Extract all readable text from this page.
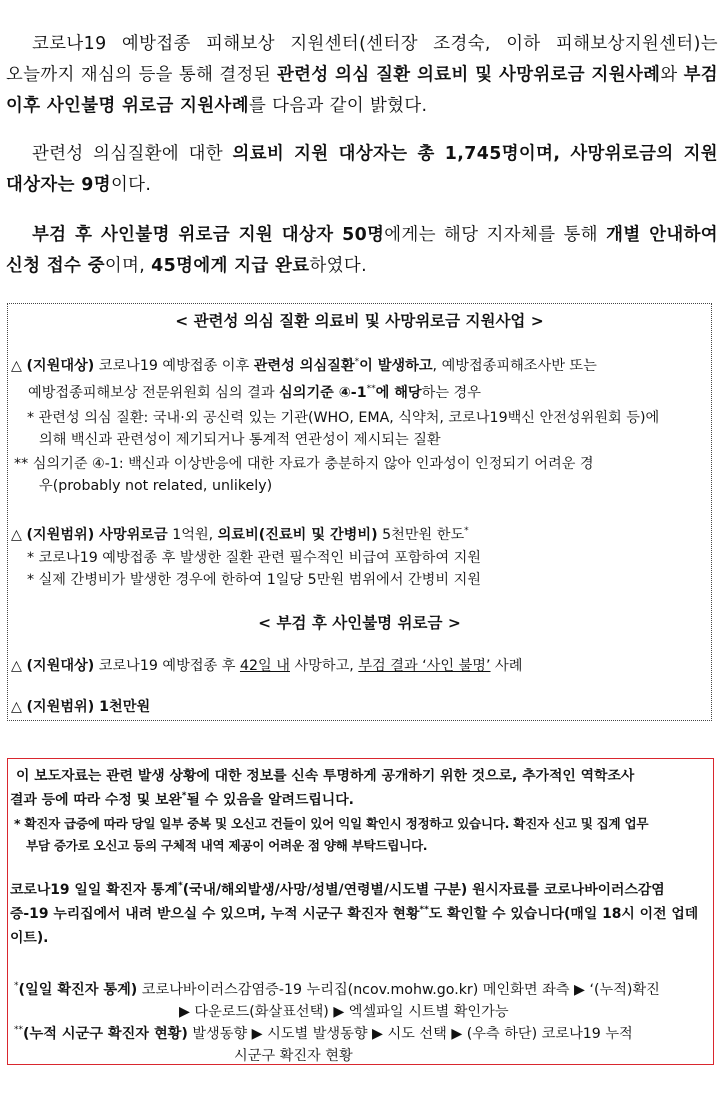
코로나19 예방접종 피해보상 지원센터(센터장 조경숙, 이하 피해보상지원센터)는 오늘까지 재심의 등을 통해 결정된 관련성 의심 질환 의료비 및 사망위로금 지원사례와 부검 이후 사인불명 위로금 지원사례를 다음과 같이 밝혔다.
관련성 의심질환에 대한 의료비 지원 대상자는 총 1,745명이며, 사망위로금의 지원 대상자는 9명이다.
부검 후 사인불명 위로금 지원 대상자 50명에게는 해당 지자체를 통해 개별 안내하여 신청 접수 중이며, 45명에게 지급 완료하였다.
< 관련성 의심 질환 의료비 및 사망위로금 지원사업 >
△ (지원대상) 코로나19 예방접종 이후 관련성 의심질환*이 발생하고, 예방접종피해조사반 또는
예방접종피해보상 전문위원회 심의 결과 심의기준 ④-1**에 해당하는 경우
* 관련성 의심 질환: 국내·외 공신력 있는 기관(WHO, EMA, 식약처, 코로나19백신 안전성위원회 등)에
의해 백신과 관련성이 제기되거나 통계적 연관성이 제시되는 질환
** 심의기준 ④-1: 백신과 이상반응에 대한 자료가 충분하지 않아 인과성이 인정되기 어려운 경
우(probably not related, unlikely)
△ (지원범위) 사망위로금 1억원, 의료비(진료비 및 간병비) 5천만원 한도*
* 코로나19 예방접종 후 발생한 질환 관련 필수적인 비급여 포함하여 지원
* 실제 간병비가 발생한 경우에 한하여 1일당 5만원 범위에서 간병비 지원
< 부검 후 사인불명 위로금 >
△ (지원대상) 코로나19 예방접종 후 42일 내 사망하고, 부검 결과 ‘사인 불명’ 사례
△ (지원범위) 1천만원
이 보도자료는 관련 발생 상황에 대한 정보를 신속 투명하게 공개하기 위한 것으로, 추가적인 역학조사
결과 등에 따라 수정 및 보완*될 수 있음을 알려드립니다.
* 확진자 급증에 따라 당일 일부 중복 및 오신고 건들이 있어 익일 확인시 정정하고 있습니다. 확진자 신고 및 집계 업무
부담 증가로 오신고 등의 구체적 내역 제공이 어려운 점 양해 부탁드립니다.
코로나19 일일 확진자 통계*(국내/해외발생/사망/성별/연령별/시도별 구분) 원시자료를 코로나바이러스감염
증-19 누리집에서 내려 받으실 수 있으며, 누적 시군구 확진자 현황**도 확인할 수 있습니다(매일 18시 이전 업데
이트).
*(일일 확진자 통계) 코로나바이러스감염증-19 누리집(ncov.mohw.go.kr) 메인화면 좌측 ▶ ‘(누적)확진
▶ 다운로드(화살표선택) ▶ 엑셀파일 시트별 확인가능
**(누적 시군구 확진자 현황) 발생동향 ▶ 시도별 발생동향 ▶ 시도 선택 ▶ (우측 하단) 코로나19 누적
시군구 확진자 현황
